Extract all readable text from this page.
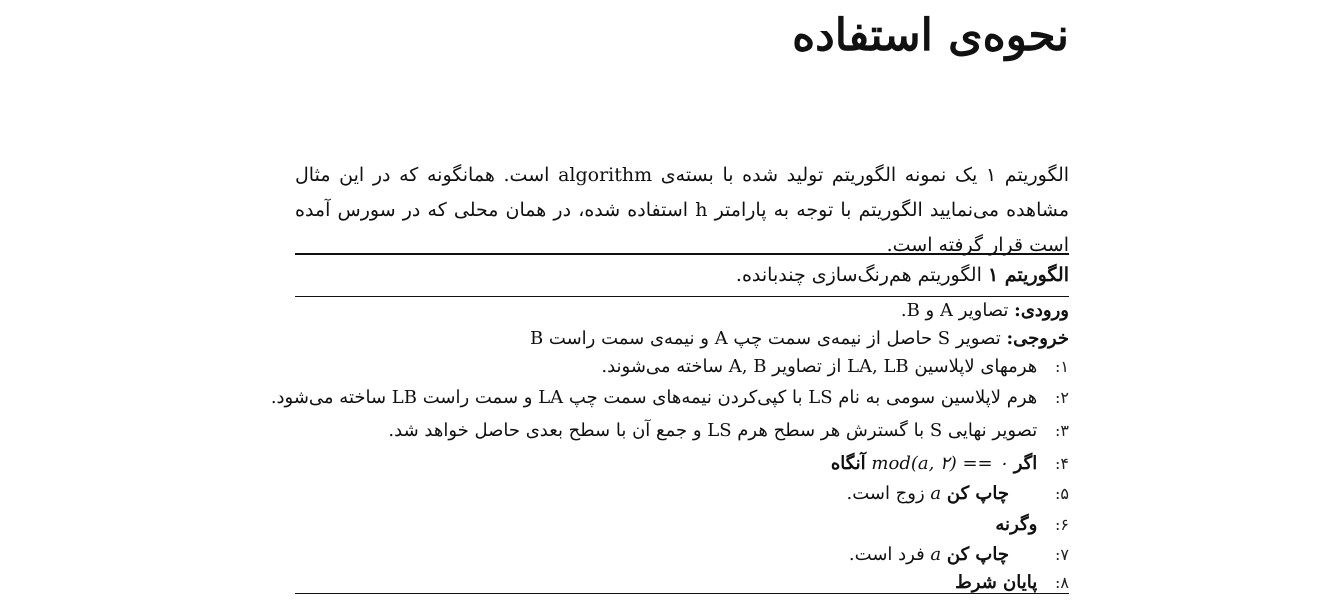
نحوه‌ی استفاده
الگوریتم ۱ یک نمونه الگوریتم تولید شده با بسته‌ی algorithm است. همانگونه که در این مثال مشاهده می‌نمایید الگوریتم با توجه به پارامتر h استفاده شده، در همان محلی که در سورس آمده است قرار گرفته است.
الگوریتم ۱ الگوریتم هم‌رنگ‌سازی چندباندە.
ورودی: تصاویر A و B.
خروجی: تصویر S حاصل از نیمه‌ی سمت چپ A و نیمه‌ی سمت راست B
۱: هرمهای لاپلاسین LA, LB از تصاویر A, B ساخته می‌شوند.
۲: هرم لاپلاسین سومی به نام LS با کپی‌کردن نیمه‌های سمت چپ LA و سمت راست LB ساخته می‌شود.
۳: تصویر نهایی S با گسترش هر سطح هرم LS و جمع آن با سطح بعدی حاصل خواهد شد.
۴: اگر mod(a, ۲) == ۰ آنگاه
۵:چاپ کن a زوج است.
۶: وگرنه
۷:چاپ کن a فرد است.
۸: پایان شرط
